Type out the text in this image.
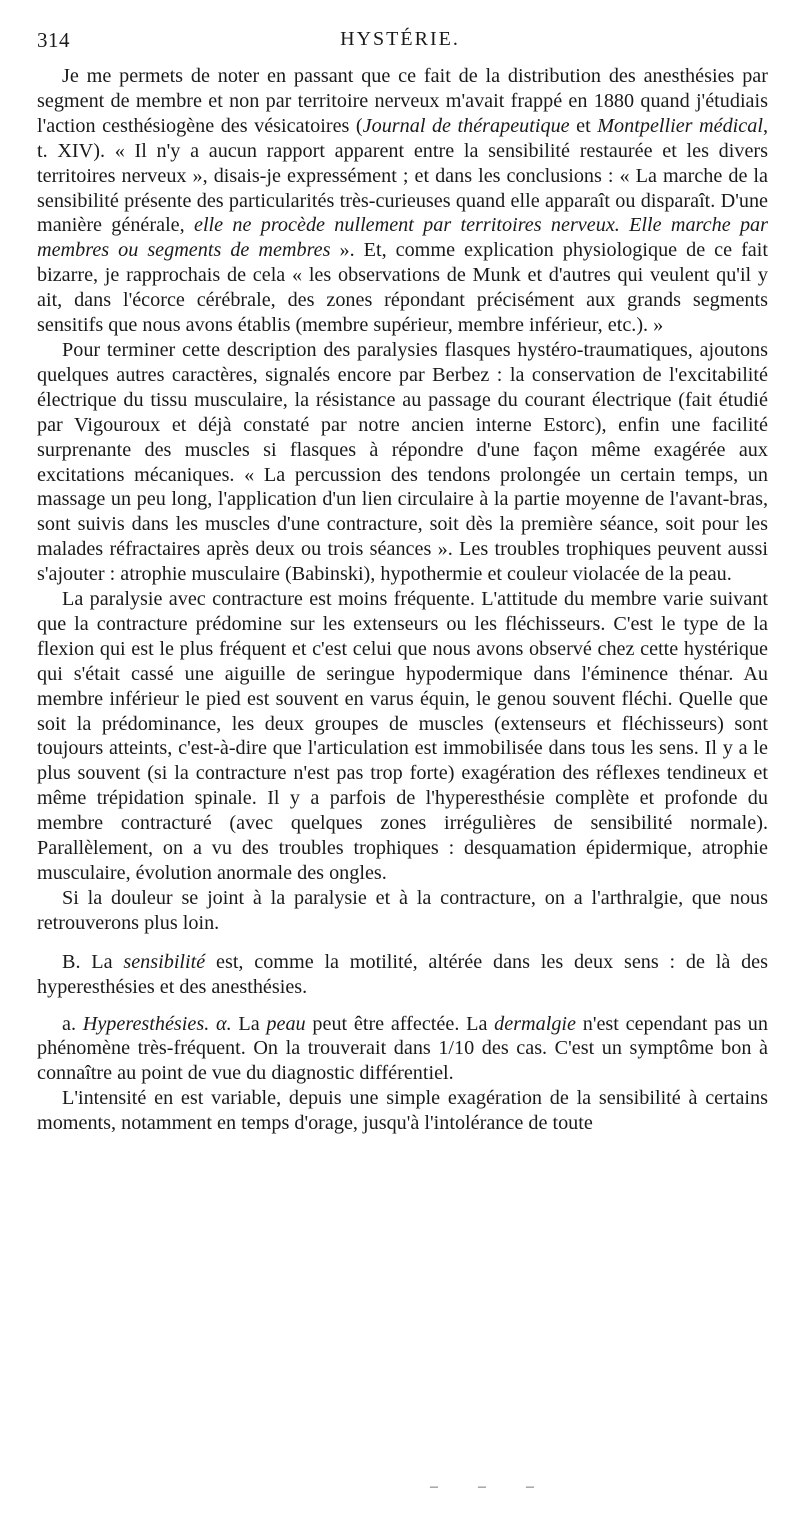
314	HYSTÉRIE.

Je me permets de noter en passant que ce fait de la distribution des anesthésies par segment de membre et non par territoire nerveux m'avait frappé en 1880 quand j'étudiais l'action cesthésiogène des vésicatoires (Journal de thérapeutique et Montpellier médical, t. XIV). « Il n'y a aucun rapport apparent entre la sensibilité restaurée et les divers territoires nerveux », disais-je expressément ; et dans les conclusions : « La marche de la sensibilité présente des particularités très-curieuses quand elle apparaît ou disparaît. D'une manière générale, elle ne procède nullement par territoires nerveux. Elle marche par membres ou segments de membres ». Et, comme explication physiologique de ce fait bizarre, je rapprochais de cela « les observations de Munk et d'autres qui veulent qu'il y ait, dans l'écorce cérébrale, des zones répondant précisément aux grands segments sensitifs que nous avons établis (membre supérieur, membre inférieur, etc.). »

Pour terminer cette description des paralysies flasques hystéro-traumatiques, ajoutons quelques autres caractères, signalés encore par Berbez : la conservation de l'excitabilité électrique du tissu musculaire, la résistance au passage du courant électrique (fait étudié par Vigouroux et déjà constaté par notre ancien interne Estorc), enfin une facilité surprenante des muscles si flasques à répondre d'une façon même exagérée aux excitations mécaniques. « La percussion des tendons prolongée un certain temps, un massage un peu long, l'application d'un lien circulaire à la partie moyenne de l'avant-bras, sont suivis dans les muscles d'une contracture, soit dès la première séance, soit pour les malades réfractaires après deux ou trois séances ». Les troubles trophiques peuvent aussi s'ajouter : atrophie musculaire (Babinski), hypothermie et couleur violacée de la peau.

La paralysie avec contracture est moins fréquente. L'attitude du membre varie suivant que la contracture prédomine sur les extenseurs ou les fléchisseurs. C'est le type de la flexion qui est le plus fréquent et c'est celui que nous avons observé chez cette hystérique qui s'était cassé une aiguille de seringue hypodermique dans l'éminence thénar. Au membre inférieur le pied est souvent en varus équin, le genou souvent fléchi. Quelle que soit la prédominance, les deux groupes de muscles (extenseurs et fléchisseurs) sont toujours atteints, c'est-à-dire que l'articulation est immobilisée dans tous les sens. Il y a le plus souvent (si la contracture n'est pas trop forte) exagération des réflexes tendineux et même trépidation spinale. Il y a parfois de l'hyperesthésie complète et profonde du membre contracturé (avec quelques zones irrégulières de sensibilité normale). Parallèlement, on a vu des troubles trophiques : desquamation épidermique, atrophie musculaire, évolution anormale des ongles.

Si la douleur se joint à la paralysie et à la contracture, on a l'arthralgie, que nous retrouverons plus loin.

B. La sensibilité est, comme la motilité, altérée dans les deux sens : de là des hyperesthésies et des anesthésies.

a. Hyperesthésies. α. La peau peut être affectée. La dermalgie n'est cependant pas un phénomène très-fréquent. On la trouverait dans 1/10 des cas. C'est un symptôme bon à connaître au point de vue du diagnostic différentiel.

L'intensité en est variable, depuis une simple exagération de la sensibilité à certains moments, notamment en temps d'orage, jusqu'à l'intolérance de toute

– – –
